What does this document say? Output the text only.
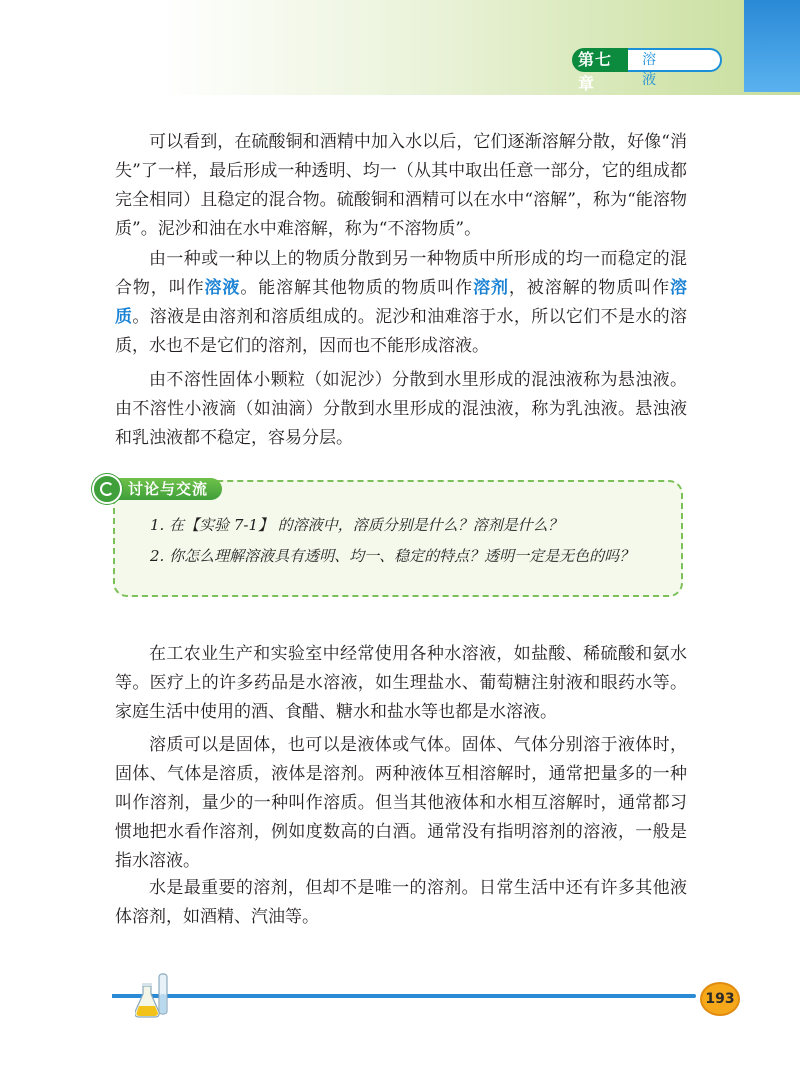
第七章
溶 液

可以看到，在硫酸铜和酒精中加入水以后，它们逐渐溶解分散，好像“消失”了一样，最后形成一种透明、均一（从其中取出任意一部分，它的组成都完全相同）且稳定的混合物。硫酸铜和酒精可以在水中“溶解”，称为“能溶物质”。泥沙和油在水中难溶解，称为“不溶物质”。

由一种或一种以上的物质分散到另一种物质中所形成的均一而稳定的混合物，叫作溶液。能溶解其他物质的物质叫作溶剂，被溶解的物质叫作溶质。溶液是由溶剂和溶质组成的。泥沙和油难溶于水，所以它们不是水的溶质，水也不是它们的溶剂，因而也不能形成溶液。

由不溶性固体小颗粒（如泥沙）分散到水里形成的混浊液称为悬浊液。由不溶性小液滴（如油滴）分散到水里形成的混浊液，称为乳浊液。悬浊液和乳浊液都不稳定，容易分层。

讨论与交流

1. 在【实验 7-1】 的溶液中，溶质分别是什么？溶剂是什么？

2. 你怎么理解溶液具有透明、均一、稳定的特点？透明一定是无色的吗？

在工农业生产和实验室中经常使用各种水溶液，如盐酸、稀硫酸和氨水等。医疗上的许多药品是水溶液，如生理盐水、葡萄糖注射液和眼药水等。家庭生活中使用的酒、食醋、糖水和盐水等也都是水溶液。

溶质可以是固体，也可以是液体或气体。固体、气体分别溶于液体时，固体、气体是溶质，液体是溶剂。两种液体互相溶解时，通常把量多的一种叫作溶剂，量少的一种叫作溶质。但当其他液体和水相互溶解时，通常都习惯地把水看作溶剂，例如度数高的白酒。通常没有指明溶剂的溶液，一般是指水溶液。

水是最重要的溶剂，但却不是唯一的溶剂。日常生活中还有许多其他液体溶剂，如酒精、汽油等。

193
